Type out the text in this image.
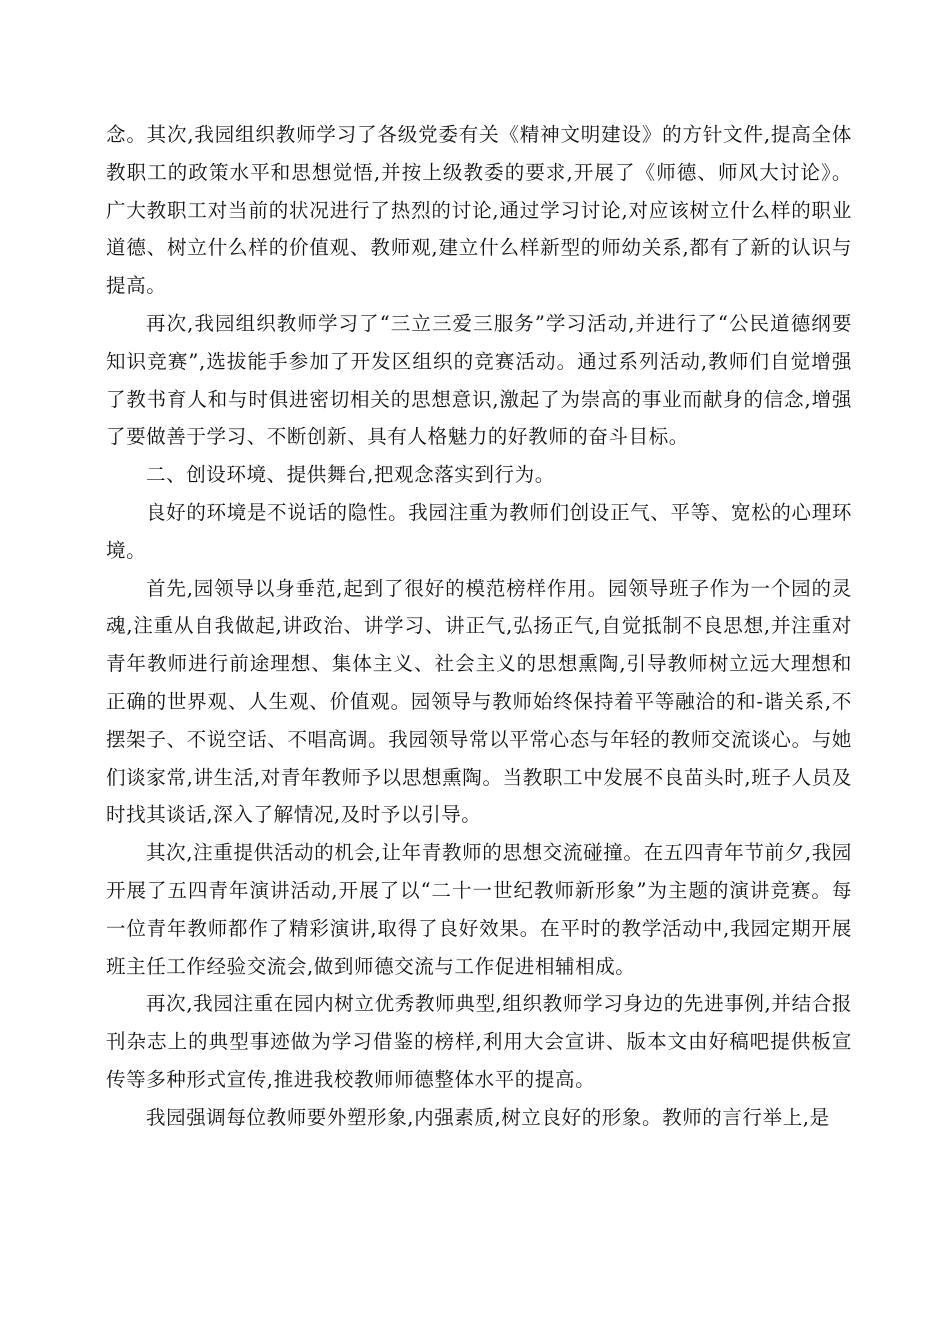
念。其次,我园组织教师学习了各级党委有关《精神文明建设》的方针文件,提高全体教职工的政策水平和思想觉悟,并按上级教委的要求,开展了《师德、师风大讨论》。广大教职工对当前的状况进行了热烈的讨论,通过学习讨论,对应该树立什么样的职业道德、树立什么样的价值观、教师观,建立什么样新型的师幼关系,都有了新的认识与提高。

再次,我园组织教师学习了“三立三爱三服务”学习活动,并进行了“公民道德纲要知识竞赛”,选拔能手参加了开发区组织的竞赛活动。通过系列活动,教师们自觉增强了教书育人和与时俱进密切相关的思想意识,激起了为崇高的事业而献身的信念,增强了要做善于学习、不断创新、具有人格魅力的好教师的奋斗目标。

二、创设环境、提供舞台,把观念落实到行为。

良好的环境是不说话的隐性。我园注重为教师们创设正气、平等、宽松的心理环境。

首先,园领导以身垂范,起到了很好的模范榜样作用。园领导班子作为一个园的灵魂,注重从自我做起,讲政治、讲学习、讲正气,弘扬正气,自觉抵制不良思想,并注重对青年教师进行前途理想、集体主义、社会主义的思想熏陶,引导教师树立远大理想和正确的世界观、人生观、价值观。园领导与教师始终保持着平等融洽的和-谐关系,不摆架子、不说空话、不唱高调。我园领导常以平常心态与年轻的教师交流谈心。与她们谈家常,讲生活,对青年教师予以思想熏陶。当教职工中发展不良苗头时,班子人员及时找其谈话,深入了解情况,及时予以引导。

其次,注重提供活动的机会,让年青教师的思想交流碰撞。在五四青年节前夕,我园开展了五四青年演讲活动,开展了以“二十一世纪教师新形象”为主题的演讲竞赛。每一位青年教师都作了精彩演讲,取得了良好效果。在平时的教学活动中,我园定期开展班主任工作经验交流会,做到师德交流与工作促进相辅相成。

再次,我园注重在园内树立优秀教师典型,组织教师学习身边的先进事例,并结合报刊杂志上的典型事迹做为学习借鉴的榜样,利用大会宣讲、版本文由好稿吧提供板宣传等多种形式宣传,推进我校教师师德整体水平的提高。

我园强调每位教师要外塑形象,内强素质,树立良好的形象。教师的言行举上,是
